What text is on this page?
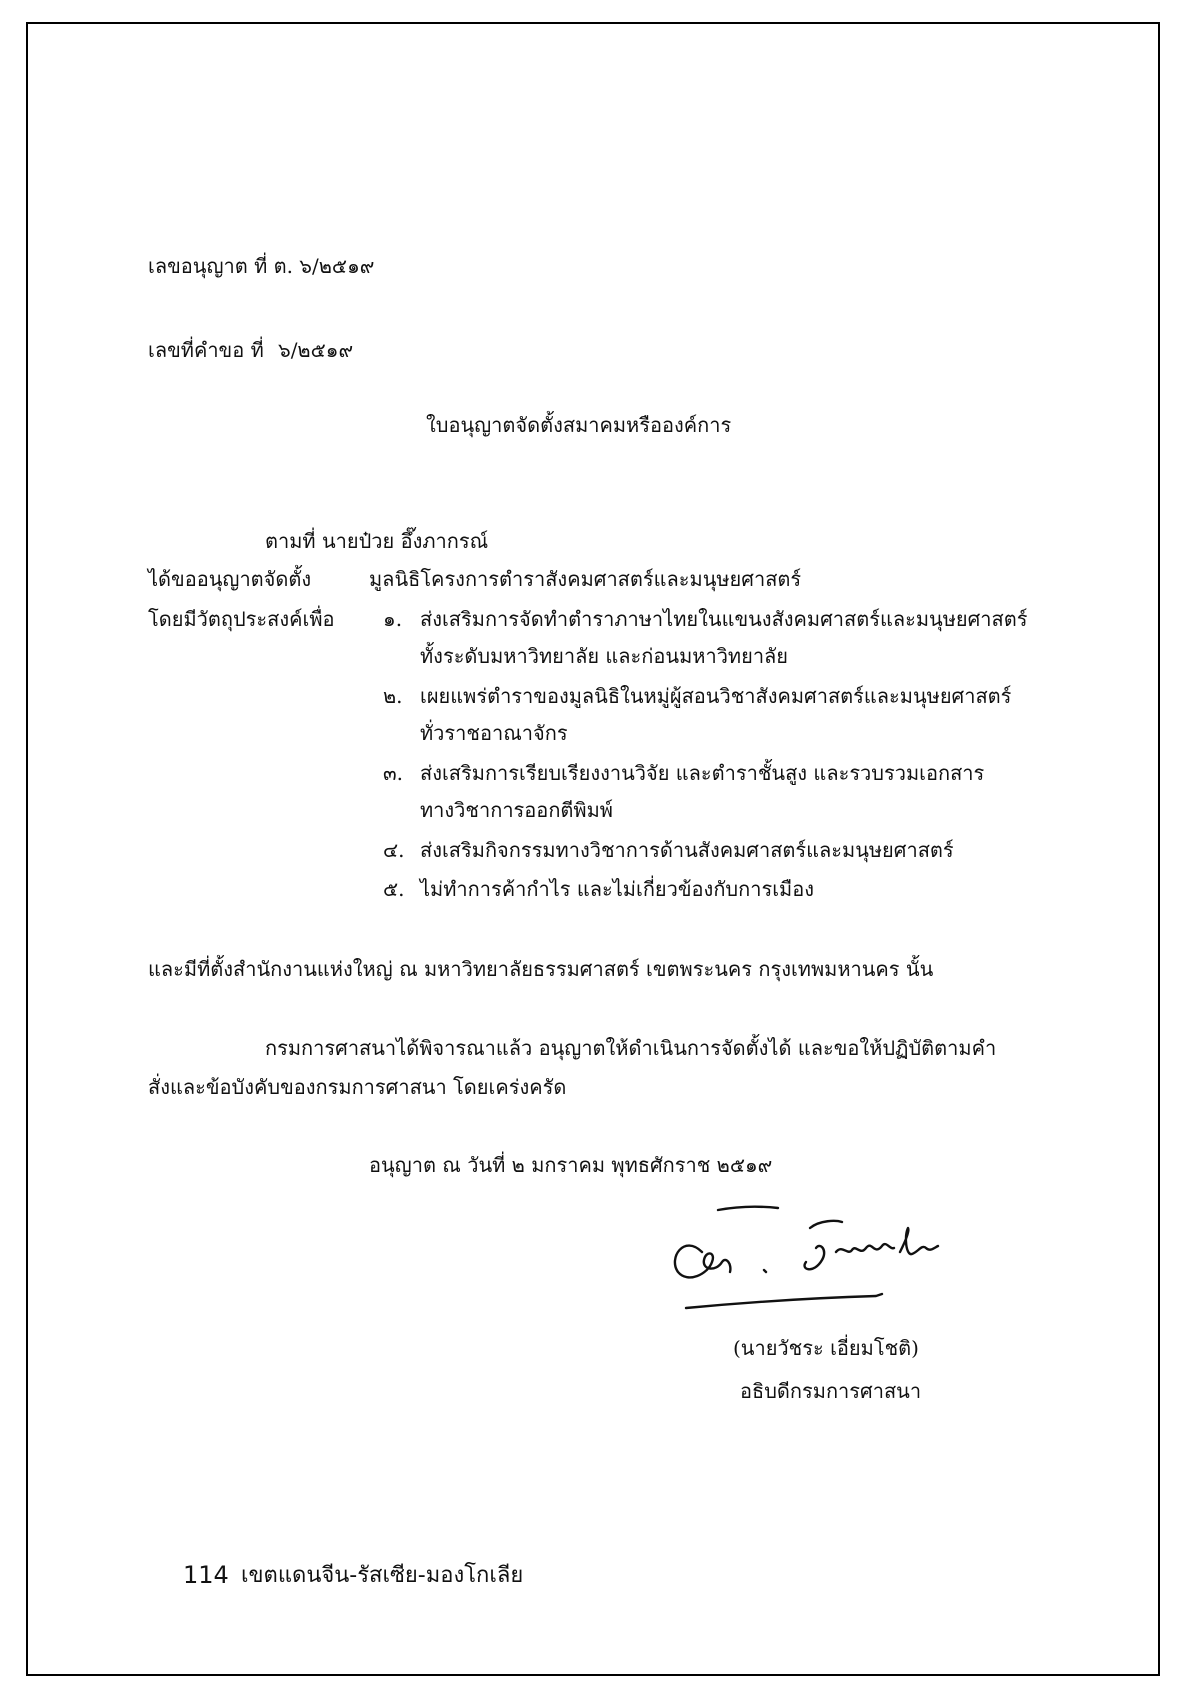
เลขอนุญาต ที่ ต. ๖/๒๕๑๙
เลขที่คำขอ ที่ ๖/๒๕๑๙
ใบอนุญาตจัดตั้งสมาคมหรือองค์การ
ตามที่ นายป๋วย อึ๊งภากรณ์
ได้ขออนุญาตจัดตั้ง	มูลนิธิโครงการตำราสังคมศาสตร์และมนุษยศาสตร์
โดยมีวัตถุประสงค์เพื่อ ๑. ส่งเสริมการจัดทำตำราภาษาไทยในแขนงสังคมศาสตร์และมนุษยศาสตร์
ทั้งระดับมหาวิทยาลัย และก่อนมหาวิทยาลัย
๒. เผยแพร่ตำราของมูลนิธิในหมู่ผู้สอนวิชาสังคมศาสตร์และมนุษยศาสตร์
ทั่วราชอาณาจักร
๓. ส่งเสริมการเรียบเรียงงานวิจัย และตำราชั้นสูง และรวบรวมเอกสาร
ทางวิชาการออกตีพิมพ์
๔. ส่งเสริมกิจกรรมทางวิชาการด้านสังคมศาสตร์และมนุษยศาสตร์
๕. ไม่ทำการค้ากำไร และไม่เกี่ยวข้องกับการเมือง
และมีที่ตั้งสำนักงานแห่งใหญ่ ณ มหาวิทยาลัยธรรมศาสตร์ เขตพระนคร กรุงเทพมหานคร นั้น
กรมการศาสนาได้พิจารณาแล้ว อนุญาตให้ดำเนินการจัดตั้งได้ และขอให้ปฏิบัติตามคำ
สั่งและข้อบังคับของกรมการศาสนา โดยเคร่งครัด
อนุญาต ณ วันที่ ๒ มกราคม พุทธศักราช ๒๕๑๙
(นายวัชระ เอี่ยมโชติ)
อธิบดีกรมการศาสนา
114 เขตแดนจีน-รัสเซีย-มองโกเลีย
